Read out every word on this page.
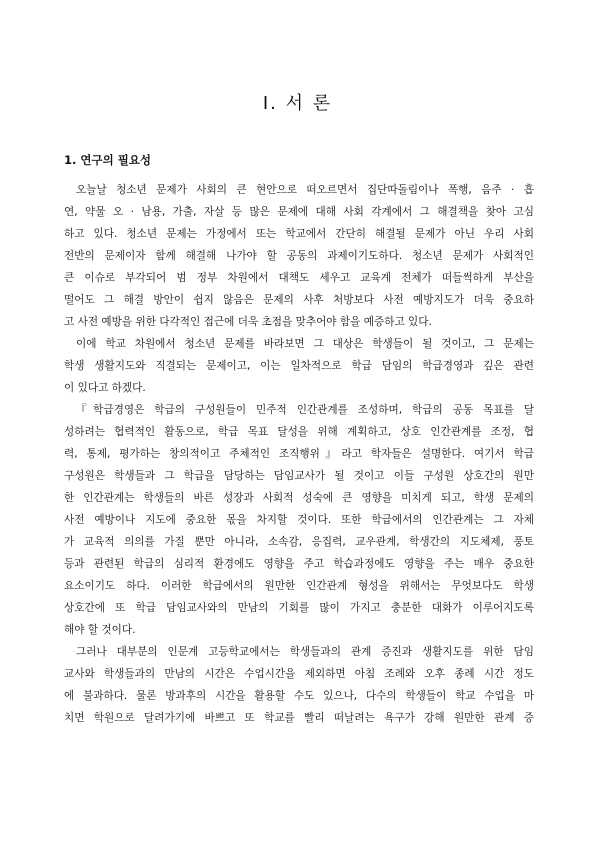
Ⅰ. 서 론
1. 연구의 필요성
오늘날 청소년 문제가 사회의 큰 현안으로 떠오르면서 집단따돌림이나 폭행, 음주 · 흡
연, 약물 오 · 남용, 가출, 자살 등 많은 문제에 대해 사회 각계에서 그 해결책을 찾아 고심
하고 있다. 청소년 문제는 가정에서 또는 학교에서 간단히 해결될 문제가 아닌 우리 사회
전반의 문제이자 함께 해결해 나가야 할 공동의 과제이기도하다. 청소년 문제가 사회적인
큰 이슈로 부각되어 범 정부 차원에서 대책도 세우고 교육계 전체가 떠들썩하게 부산을
떨어도 그 해결 방안이 쉽지 않음은 문제의 사후 처방보다 사전 예방지도가 더욱 중요하
고 사전 예방을 위한 다각적인 접근에 더욱 초점을 맞추어야 함을 예증하고 있다.
이에 학교 차원에서 청소년 문제를 바라보면 그 대상은 학생들이 될 것이고, 그 문제는
학생 생활지도와 직결되는 문제이고, 이는 일차적으로 학급 담임의 학급경영과 깊은 관련
이 있다고 하겠다.
『학급경영은 학급의 구성원들이 민주적 인간관계를 조성하며, 학급의 공동 목표를 달
성하려는 협력적인 활동으로, 학급 목표 달성을 위해 계획하고, 상호 인간관계를 조정, 협
력, 통제, 평가하는 창의적이고 주체적인 조직행위』라고 학자들은 설명한다. 여기서 학급
구성원은 학생들과 그 학급을 담당하는 담임교사가 될 것이고 이들 구성원 상호간의 원만
한 인간관계는 학생들의 바른 성장과 사회적 성숙에 큰 영향을 미치게 되고, 학생 문제의
사전 예방이나 지도에 중요한 몫을 차지할 것이다. 또한 학급에서의 인간관계는 그 자체
가 교육적 의의를 가질 뿐만 아니라, 소속감, 응집력, 교우관계, 학생간의 지도체제, 풍토
등과 관련된 학급의 심리적 환경에도 영향을 주고 학습과정에도 영향을 주는 매우 중요한
요소이기도 하다. 이러한 학급에서의 원만한 인간관계 형성을 위해서는 무엇보다도 학생
상호간에 또 학급 담임교사와의 만남의 기회를 많이 가지고 충분한 대화가 이루어지도록
해야 할 것이다.
그러나 대부분의 인문계 고등학교에서는 학생들과의 관계 증진과 생활지도를 위한 담임
교사와 학생들과의 만남의 시간은 수업시간을 제외하면 아침 조례와 오후 종례 시간 정도
에 불과하다. 물론 방과후의 시간을 활용할 수도 있으나, 다수의 학생들이 학교 수업을 마
치면 학원으로 달려가기에 바쁘고 또 학교를 빨리 떠날려는 욕구가 강해 원만한 관계 증
